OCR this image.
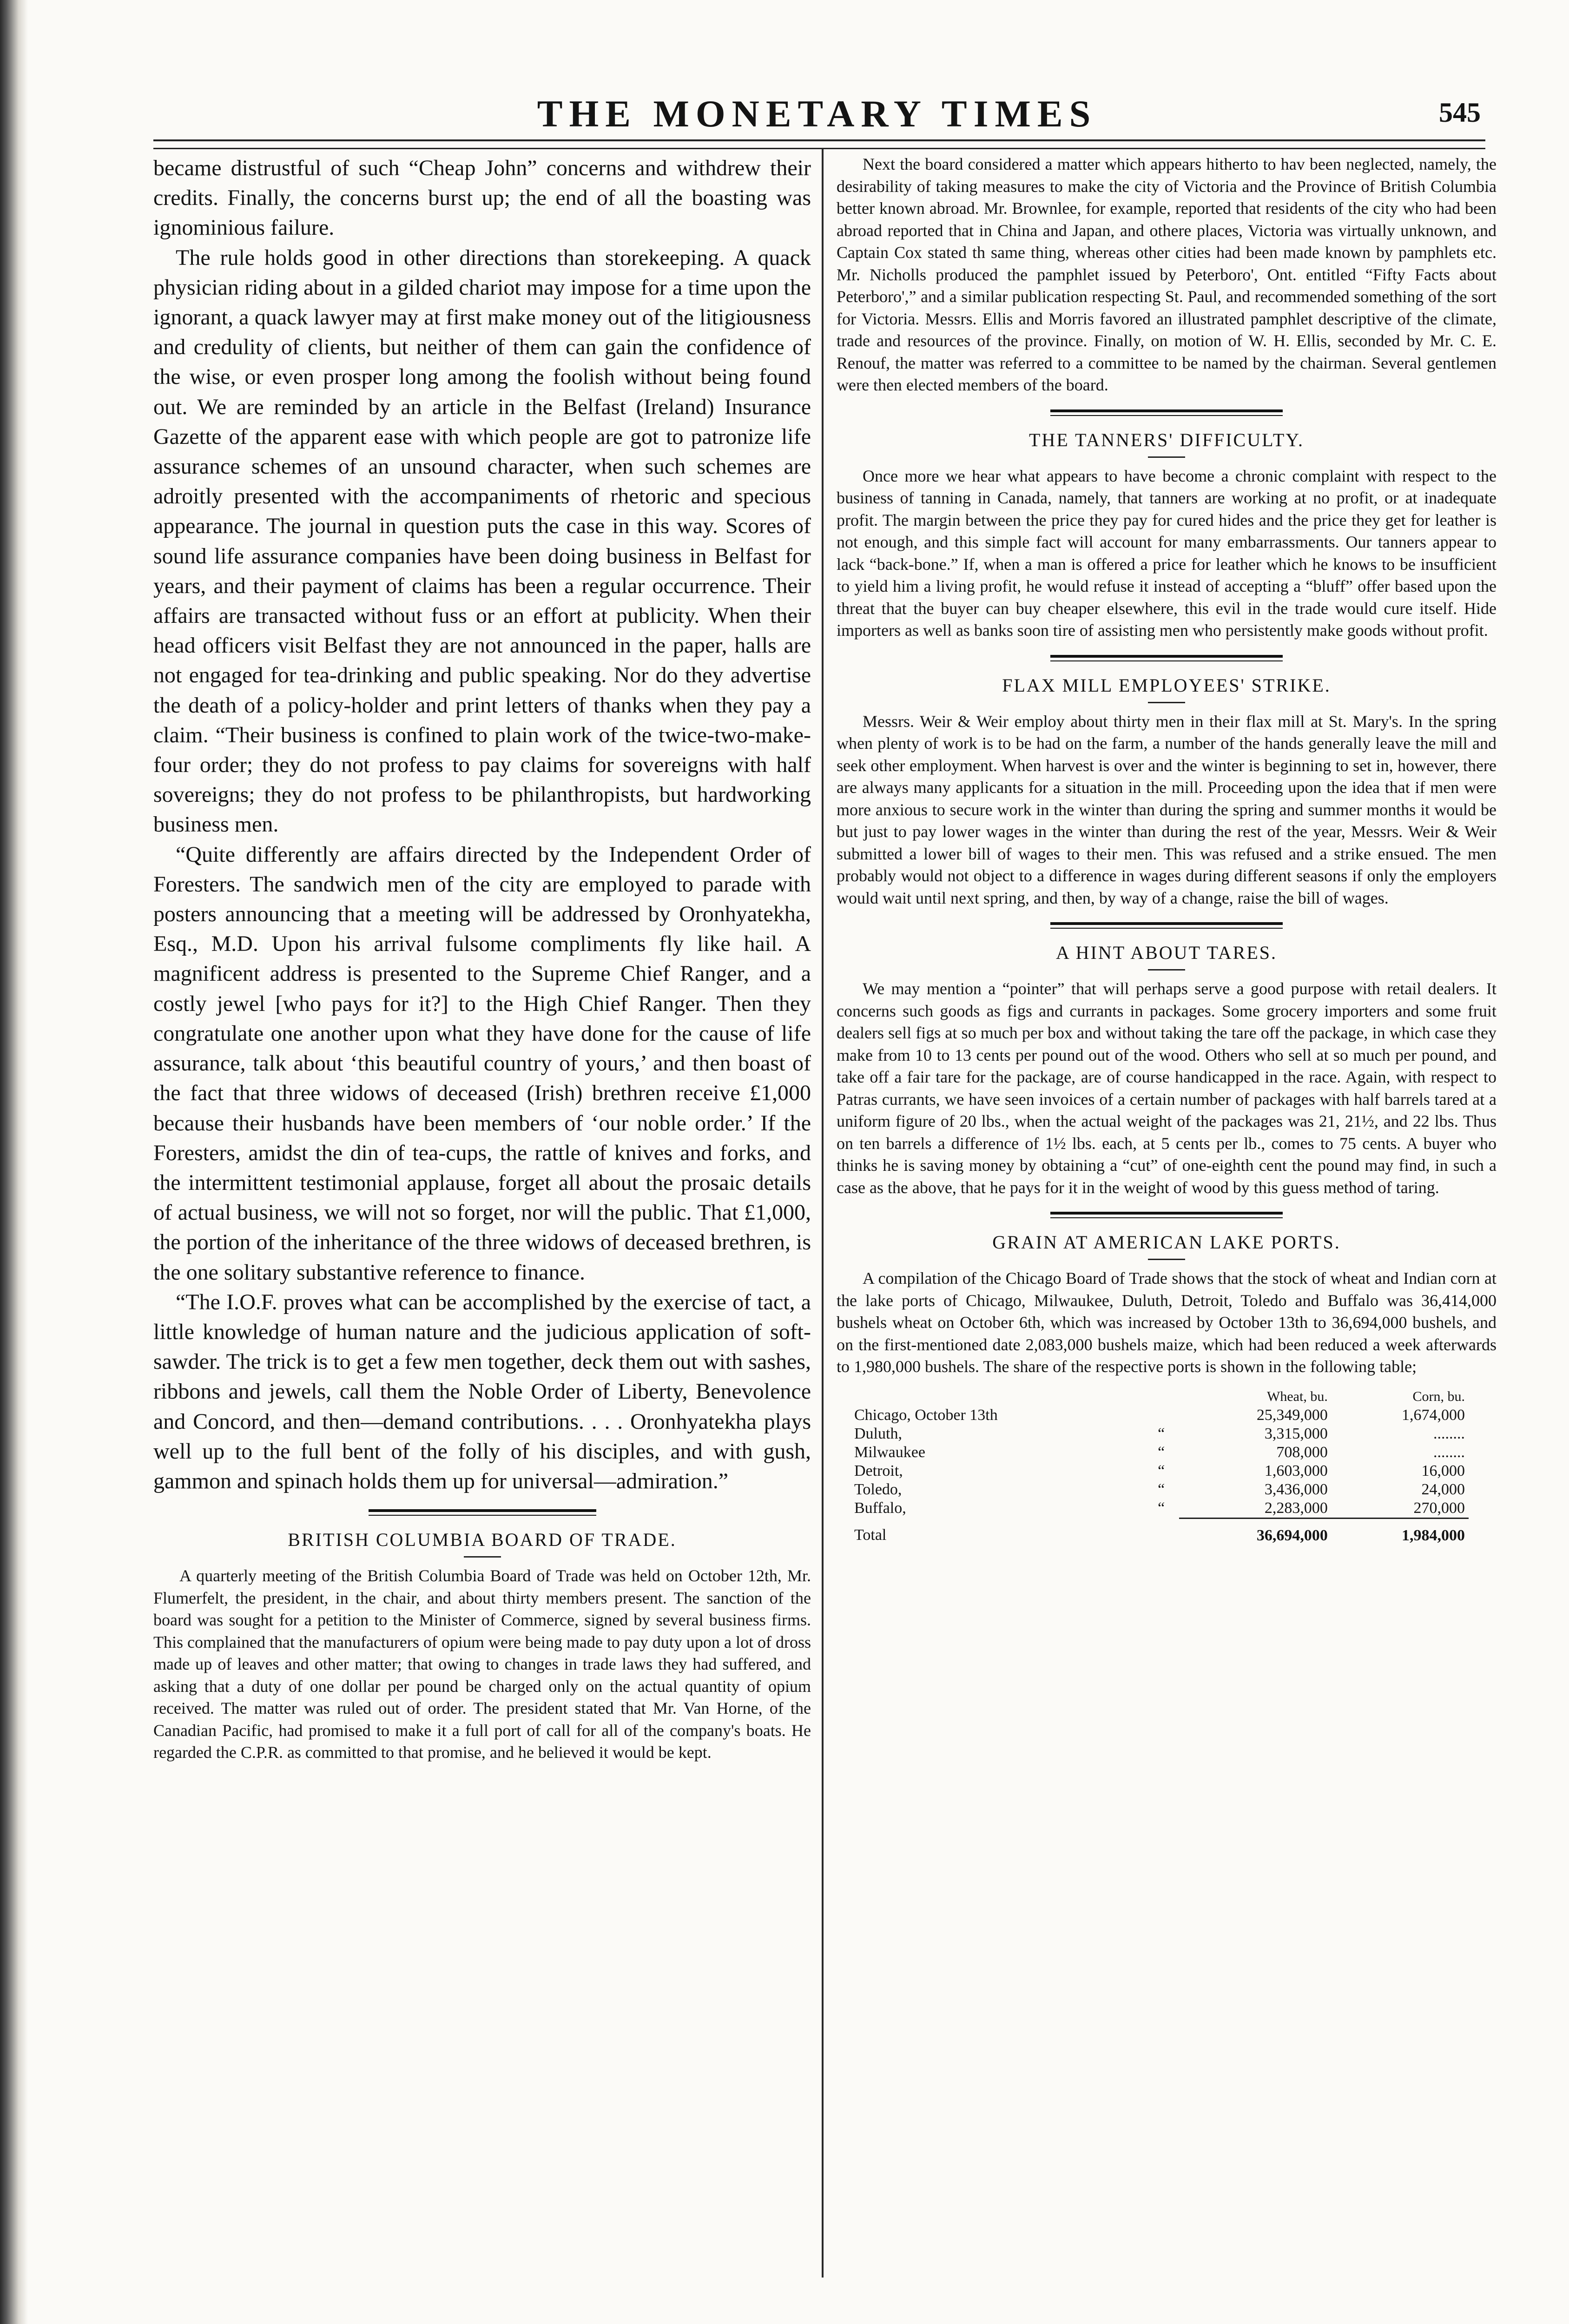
THE MONETARY TIMES	545

became distrustful of such “Cheap John” concerns and withdrew their credits. Finally, the concerns burst up; the end of all the boasting was ignominious failure.

The rule holds good in other directions than storekeeping. A quack physician riding about in a gilded chariot may impose for a time upon the ignorant, a quack lawyer may at first make money out of the litigiousness and credulity of clients, but neither of them can gain the confidence of the wise, or even prosper long among the foolish without being found out. We are reminded by an article in the Belfast (Ireland) Insurance Gazette of the apparent ease with which people are got to patronize life assurance schemes of an unsound character, when such schemes are adroitly presented with the accompaniments of rhetoric and specious appearance. The journal in question puts the case in this way. Scores of sound life assurance companies have been doing business in Belfast for years, and their payment of claims has been a regular occurrence. Their affairs are transacted without fuss or an effort at publicity. When their head officers visit Belfast they are not announced in the paper, halls are not engaged for tea-drinking and public speaking. Nor do they advertise the death of a policy-holder and print letters of thanks when they pay a claim. “Their business is confined to plain work of the twice-two-make-four order; they do not profess to pay claims for sovereigns with half sovereigns; they do not profess to be philanthropists, but hardworking business men.

“Quite differently are affairs directed by the Independent Order of Foresters. The sandwich men of the city are employed to parade with posters announcing that a meeting will be addressed by Oronhyatekha, Esq., M.D. Upon his arrival fulsome compliments fly like hail. A magnificent address is presented to the Supreme Chief Ranger, and a costly jewel [who pays for it?] to the High Chief Ranger. Then they congratulate one another upon what they have done for the cause of life assurance, talk about ‘this beautiful country of yours,’ and then boast of the fact that three widows of deceased (Irish) brethren receive £1,000 because their husbands have been members of ‘our noble order.’ If the Foresters, amidst the din of tea-cups, the rattle of knives and forks, and the intermittent testimonial applause, forget all about the prosaic details of actual business, we will not so forget, nor will the public. That £1,000, the portion of the inheritance of the three widows of deceased brethren, is the one solitary substantive reference to finance.

“The I.O.F. proves what can be accomplished by the exercise of tact, a little knowledge of human nature and the judicious application of soft-sawder. The trick is to get a few men together, deck them out with sashes, ribbons and jewels, call them the Noble Order of Liberty, Benevolence and Concord, and then—demand contributions. . . . Oronhyatekha plays well up to the full bent of the folly of his disciples, and with gush, gammon and spinach holds them up for universal—admiration.”

BRITISH COLUMBIA BOARD OF TRADE.

A quarterly meeting of the British Columbia Board of Trade was held on October 12th, Mr. Flumerfelt, the president, in the chair, and about thirty members present. The sanction of the board was sought for a petition to the Minister of Commerce, signed by several business firms. This complained that the manufacturers of opium were being made to pay duty upon a lot of dross made up of leaves and other matter; that owing to changes in trade laws they had suffered, and asking that a duty of one dollar per pound be charged only on the actual quantity of opium received. The matter was ruled out of order. The president stated that Mr. Van Horne, of the Canadian Pacific, had promised to make it a full port of call for all of the company's boats. He regarded the C.P.R. as committed to that promise, and he believed it would be kept.

Next the board considered a matter which appears hitherto to hav been neglected, namely, the desirability of taking measures to make the city of Victoria and the Province of British Columbia better known abroad. Mr. Brownlee, for example, reported that residents of the city who had been abroad reported that in China and Japan, and othere places, Victoria was virtually unknown, and Captain Cox stated th same thing, whereas other cities had been made known by pamphlets etc. Mr. Nicholls produced the pamphlet issued by Peterboro', Ont. entitled “Fifty Facts about Peterboro',” and a similar publication respecting St. Paul, and recommended something of the sort for Victoria. Messrs. Ellis and Morris favored an illustrated pamphlet descriptive of the climate, trade and resources of the province. Finally, on motion of W. H. Ellis, seconded by Mr. C. E. Renouf, the matter was referred to a committee to be named by the chairman. Several gentlemen were then elected members of the board.

THE TANNERS' DIFFICULTY.

Once more we hear what appears to have become a chronic complaint with respect to the business of tanning in Canada, namely, that tanners are working at no profit, or at inadequate profit. The margin between the price they pay for cured hides and the price they get for leather is not enough, and this simple fact will account for many embarrassments. Our tanners appear to lack “back-bone.” If, when a man is offered a price for leather which he knows to be insufficient to yield him a living profit, he would refuse it instead of accepting a “bluff” offer based upon the threat that the buyer can buy cheaper elsewhere, this evil in the trade would cure itself. Hide importers as well as banks soon tire of assisting men who persistently make goods without profit.

FLAX MILL EMPLOYEES' STRIKE.

Messrs. Weir & Weir employ about thirty men in their flax mill at St. Mary's. In the spring when plenty of work is to be had on the farm, a number of the hands generally leave the mill and seek other employment. When harvest is over and the winter is beginning to set in, however, there are always many applicants for a situation in the mill. Proceeding upon the idea that if men were more anxious to secure work in the winter than during the spring and summer months it would be but just to pay lower wages in the winter than during the rest of the year, Messrs. Weir & Weir submitted a lower bill of wages to their men. This was refused and a strike ensued. The men probably would not object to a difference in wages during different seasons if only the employers would wait until next spring, and then, by way of a change, raise the bill of wages.

A HINT ABOUT TARES.

We may mention a “pointer” that will perhaps serve a good purpose with retail dealers. It concerns such goods as figs and currants in packages. Some grocery importers and some fruit dealers sell figs at so much per box and without taking the tare off the package, in which case they make from 10 to 13 cents per pound out of the wood. Others who sell at so much per pound, and take off a fair tare for the package, are of course handicapped in the race. Again, with respect to Patras currants, we have seen invoices of a certain number of packages with half barrels tared at a uniform figure of 20 lbs., when the actual weight of the packages was 21, 21½, and 22 lbs. Thus on ten barrels a difference of 1½ lbs. each, at 5 cents per lb., comes to 75 cents. A buyer who thinks he is saving money by obtaining a “cut” of one-eighth cent the pound may find, in such a case as the above, that he pays for it in the weight of wood by this guess method of taring.

GRAIN AT AMERICAN LAKE PORTS.

A compilation of the Chicago Board of Trade shows that the stock of wheat and Indian corn at the lake ports of Chicago, Milwaukee, Duluth, Detroit, Toledo and Buffalo was 36,414,000 bushels wheat on October 6th, which was increased by October 13th to 36,694,000 bushels, and on the first-mentioned date 2,083,000 bushels maize, which had been reduced a week afterwards to 1,980,000 bushels. The share of the respective ports is shown in the following table;

		Wheat, bu.	Corn, bu.
Chicago, October 13th		25,349,000	1,674,000
Duluth,	“	3,315,000	........
Milwaukee	“	708,000	........
Detroit,	“	1,603,000	16,000
Toledo,	“	3,436,000	24,000
Buffalo,	“	2,283,000	270,000
Total		36,694,000	1,984,000
